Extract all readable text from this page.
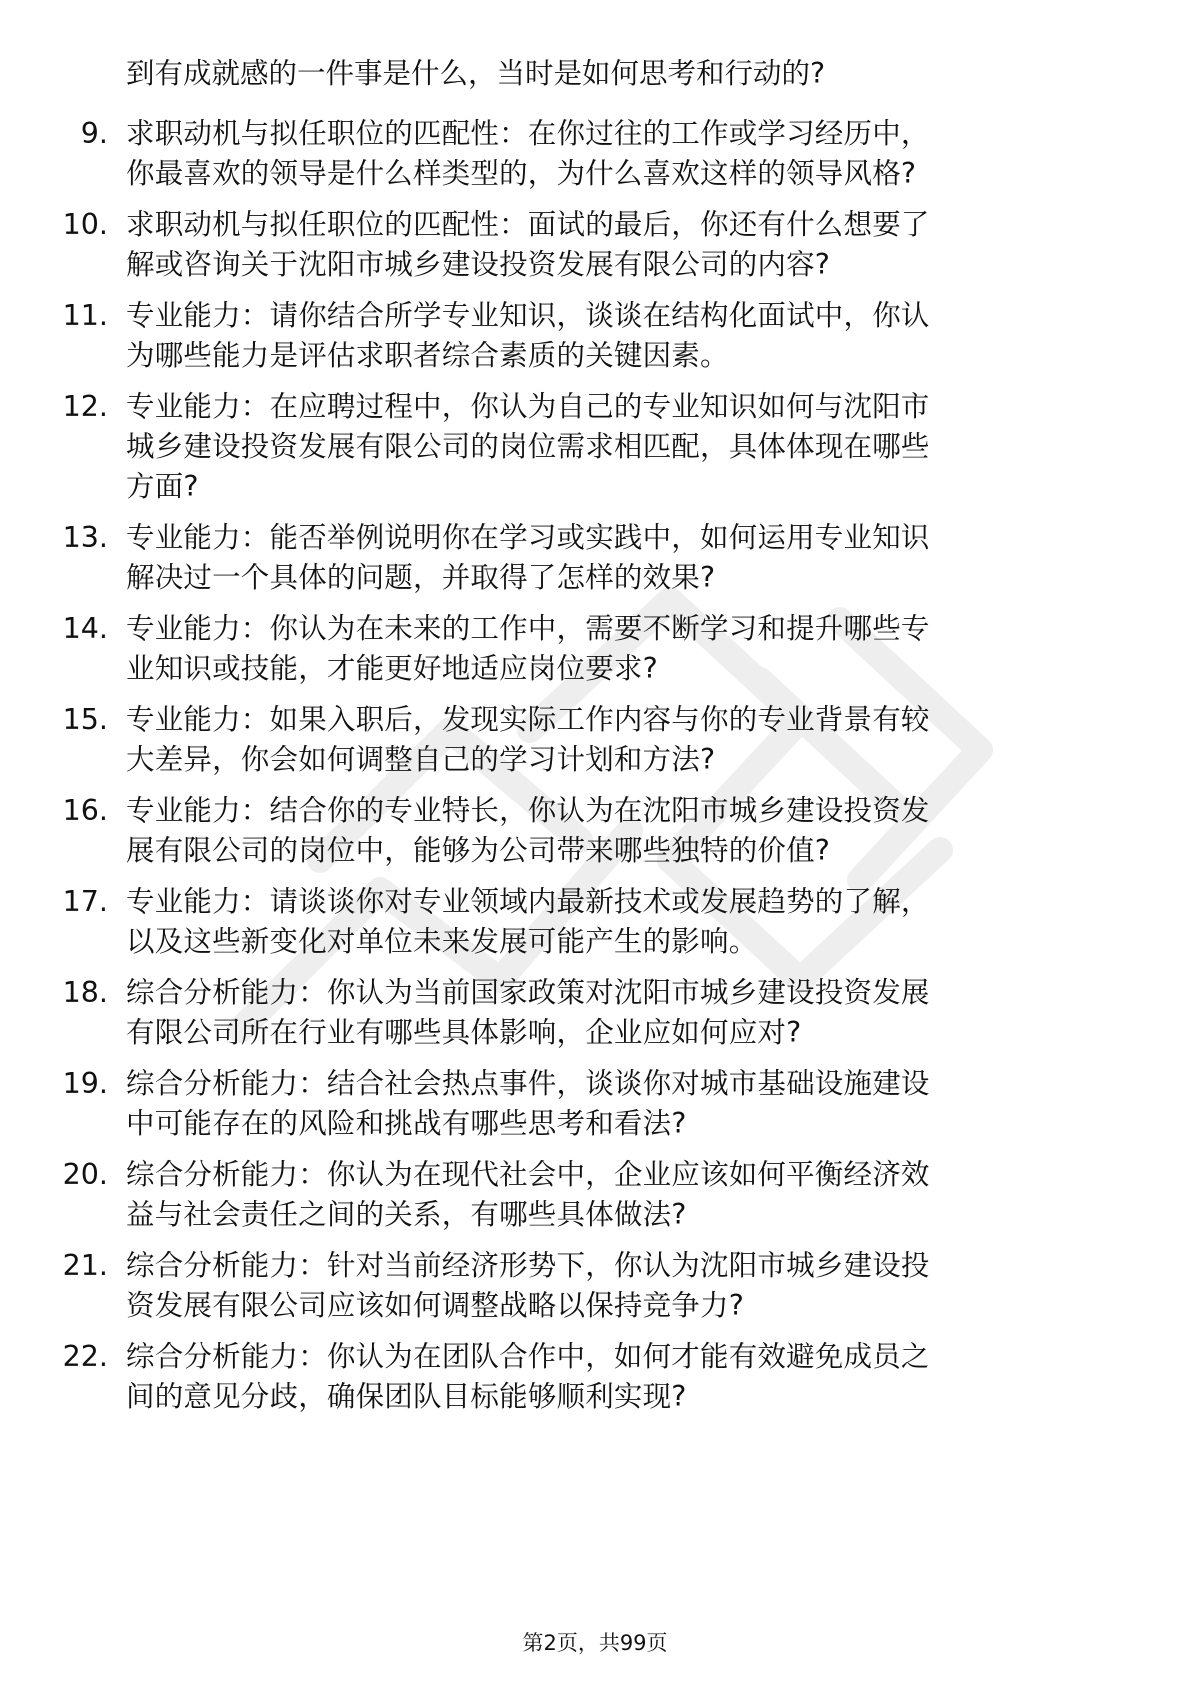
到有成就感的一件事是什么，当时是如何思考和行动的?
9. 求职动机与拟任职位的匹配性：在你过往的工作或学习经历中，
你最喜欢的领导是什么样类型的，为什么喜欢这样的领导风格?
10. 求职动机与拟任职位的匹配性：面试的最后，你还有什么想要了
解或咨询关于沈阳市城乡建设投资发展有限公司的内容?
11. 专业能力：请你结合所学专业知识，谈谈在结构化面试中，你认
为哪些能力是评估求职者综合素质的关键因素。
12. 专业能力：在应聘过程中，你认为自己的专业知识如何与沈阳市
城乡建设投资发展有限公司的岗位需求相匹配，具体体现在哪些
方面?
13. 专业能力：能否举例说明你在学习或实践中，如何运用专业知识
解决过一个具体的问题，并取得了怎样的效果?
14. 专业能力：你认为在未来的工作中，需要不断学习和提升哪些专
业知识或技能，才能更好地适应岗位要求?
15. 专业能力：如果入职后，发现实际工作内容与你的专业背景有较
大差异，你会如何调整自己的学习计划和方法?
16. 专业能力：结合你的专业特长，你认为在沈阳市城乡建设投资发
展有限公司的岗位中，能够为公司带来哪些独特的价值?
17. 专业能力：请谈谈你对专业领域内最新技术或发展趋势的了解，
以及这些新变化对单位未来发展可能产生的影响。
18. 综合分析能力：你认为当前国家政策对沈阳市城乡建设投资发展
有限公司所在行业有哪些具体影响，企业应如何应对?
19. 综合分析能力：结合社会热点事件，谈谈你对城市基础设施建设
中可能存在的风险和挑战有哪些思考和看法?
20. 综合分析能力：你认为在现代社会中，企业应该如何平衡经济效
益与社会责任之间的关系，有哪些具体做法?
21. 综合分析能力：针对当前经济形势下，你认为沈阳市城乡建设投
资发展有限公司应该如何调整战略以保持竞争力?
22. 综合分析能力：你认为在团队合作中，如何才能有效避免成员之
间的意见分歧，确保团队目标能够顺利实现?
第2页，共99页
